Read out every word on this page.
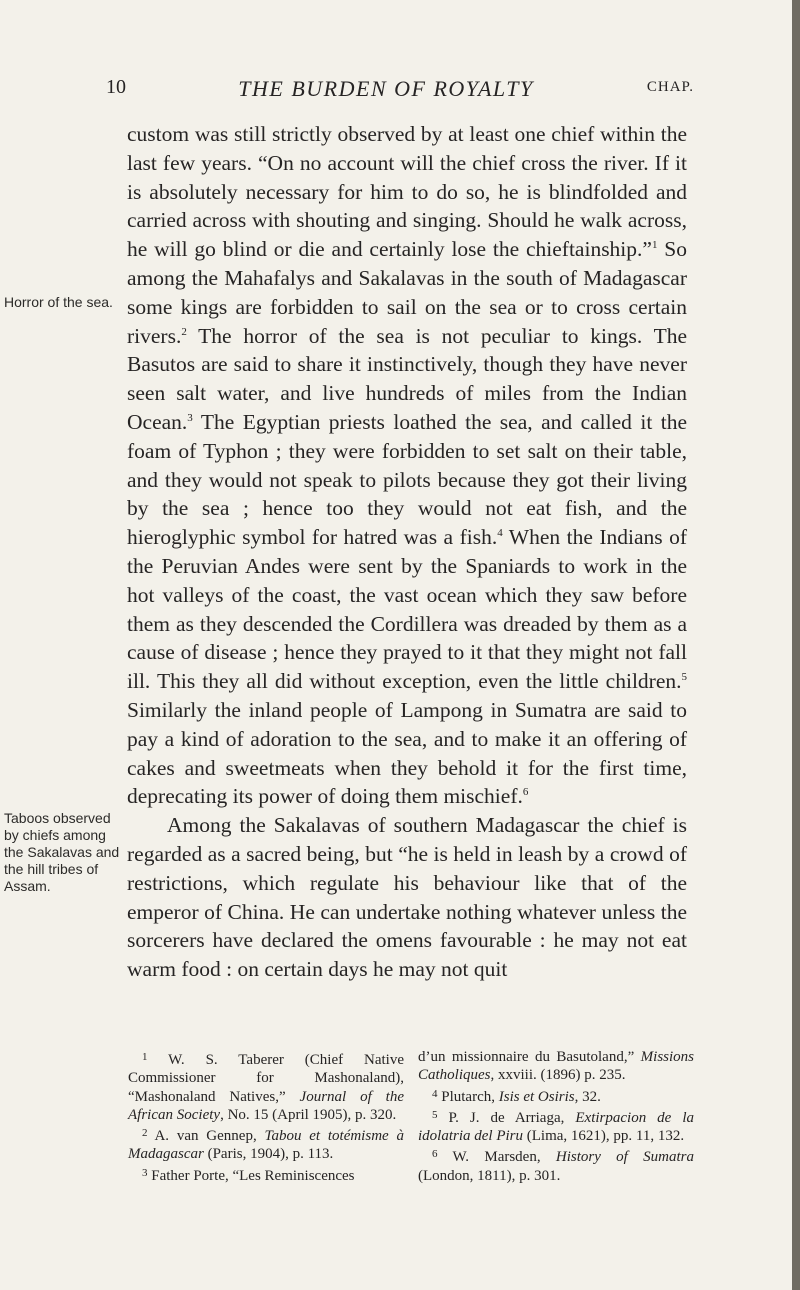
10	THE BURDEN OF ROYALTY	CHAP.
Horror of the sea.
Taboos observed by chiefs among the Sakalavas and the hill tribes of Assam.

custom was still strictly observed by at least one chief within the last few years. “On no account will the chief cross the river. If it is absolutely necessary for him to do so, he is blindfolded and carried across with shouting and singing. Should he walk across, he will go blind or die and certainly lose the chieftainship.”$^1$ So among the Mahafalys and Sakalavas in the south of Madagascar some kings are forbidden to sail on the sea or to cross certain rivers.$^2$ The horror of the sea is not peculiar to kings. The Basutos are said to share it instinctively, though they have never seen salt water, and live hundreds of miles from the Indian Ocean.$^3$ The Egyptian priests loathed the sea, and called it the foam of Typhon ; they were forbidden to set salt on their table, and they would not speak to pilots because they got their living by the sea ; hence too they would not eat fish, and the hieroglyphic symbol for hatred was a fish.$^4$ When the Indians of the Peruvian Andes were sent by the Spaniards to work in the hot valleys of the coast, the vast ocean which they saw before them as they descended the Cordillera was dreaded by them as a cause of disease ; hence they prayed to it that they might not fall ill. This they all did without exception, even the little children.$^5$ Similarly the inland people of Lampong in Sumatra are said to pay a kind of adoration to the sea, and to make it an offering of cakes and sweetmeats when they behold it for the first time, deprecating its power of doing them mischief.$^6$

Among the Sakalavas of southern Madagascar the chief is regarded as a sacred being, but “he is held in leash by a crowd of restrictions, which regulate his behaviour like that of the emperor of China. He can undertake nothing whatever unless the sorcerers have declared the omens favourable : he may not eat warm food : on certain days he may not quit

$^1$ W. S. Taberer (Chief Native Commissioner for Mashonaland), “Mashonaland Natives,” Journal of the African Society, No. 15 (April 1905), p. 320.

$^2$ A. van Gennep, Tabou et totémisme à Madagascar (Paris, 1904), p. 113.

$^3$ Father Porte, “Les Reminiscences

d’un missionnaire du Basutoland,” Missions Catholiques, xxviii. (1896) p. 235.

$^4$ Plutarch, Isis et Osiris, 32.

$^5$ P. J. de Arriaga, Extirpacion de la idolatria del Piru (Lima, 1621), pp. 11, 132.

$^6$ W. Marsden, History of Sumatra (London, 1811), p. 301.
